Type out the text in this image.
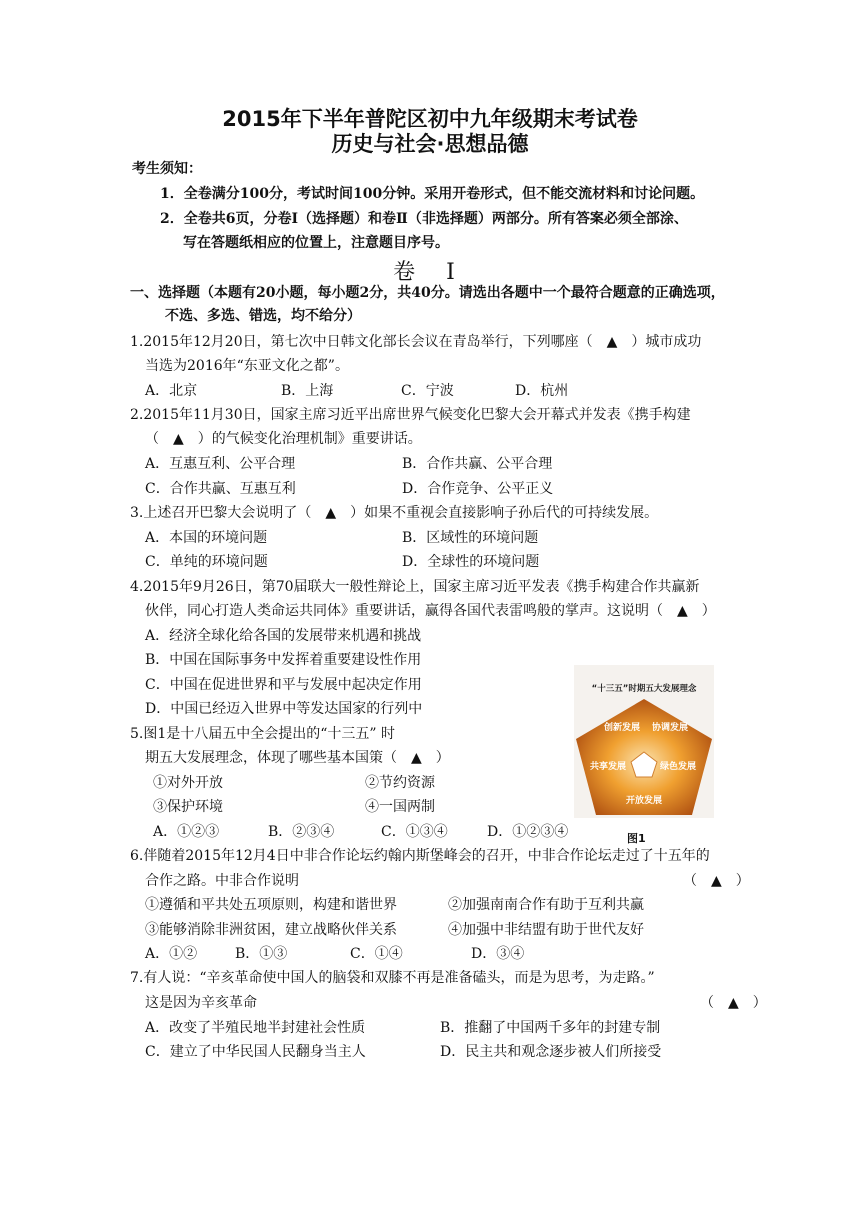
2015年下半年普陀区初中九年级期末考试卷
历史与社会·思想品德
考生须知：
1．全卷满分100分，考试时间100分钟。采用开卷形式，但不能交流材料和讨论问题。
2．全卷共6页，分卷Ⅰ（选择题）和卷Ⅱ（非选择题）两部分。所有答案必须全部涂、
写在答题纸相应的位置上，注意题目序号。
卷 Ⅰ
一、选择题（本题有20小题，每小题2分，共40分。请选出各题中一个最符合题意的正确选项，
不选、多选、错选，均不给分）
1.2015年12月20日，第七次中日韩文化部长会议在青岛举行，下列哪座（　▲　）城市成功
当选为2016年“东亚文化之都”。
A．北京	B．上海	C．宁波	D．杭州
2.2015年11月30日，国家主席习近平出席世界气候变化巴黎大会开幕式并发表《携手构建
（　▲　）的气候变化治理机制》重要讲话。
A．互惠互利、公平合理	B．合作共赢、公平合理
C．合作共赢、互惠互利	D．合作竞争、公平正义
3.上述召开巴黎大会说明了（　▲　）如果不重视会直接影响子孙后代的可持续发展。
A．本国的环境问题	B．区域性的环境问题
C．单纯的环境问题	D．全球性的环境问题
4.2015年9月26日，第70届联大一般性辩论上，国家主席习近平发表《携手构建合作共赢新
伙伴，同心打造人类命运共同体》重要讲话，赢得各国代表雷鸣般的掌声。这说明（　▲　）
A．经济全球化给各国的发展带来机遇和挑战
B．中国在国际事务中发挥着重要建设性作用
C．中国在促进世界和平与发展中起决定作用
D．中国已经迈入世界中等发达国家的行列中
5.图1是十八届五中全会提出的“十三五” 时
期五大发展理念，体现了哪些基本国策（　▲　）
①对外开放	②节约资源
③保护环境	④一国两制
A．①②③	B．②③④	C．①③④	D．①②③④
“十三五”时期五大发展理念
创新发展 协调发展
共享发展	绿色发展
开放发展
图1
6.伴随着2015年12月4日中非合作论坛约翰内斯堡峰会的召开，中非合作论坛走过了十五年的
合作之路。中非合作说明	（　▲　）
①遵循和平共处五项原则，构建和谐世界	②加强南南合作有助于互利共赢
③能够消除非洲贫困，建立战略伙伴关系	④加强中非结盟有助于世代友好
A．①②	B．①③	C．①④	D．③④
7.有人说：“辛亥革命使中国人的脑袋和双膝不再是准备磕头，而是为思考，为走路。”
这是因为辛亥革命	（　▲　）
A．改变了半殖民地半封建社会性质	B．推翻了中国两千多年的封建专制
C．建立了中华民国人民翻身当主人	D．民主共和观念逐步被人们所接受
